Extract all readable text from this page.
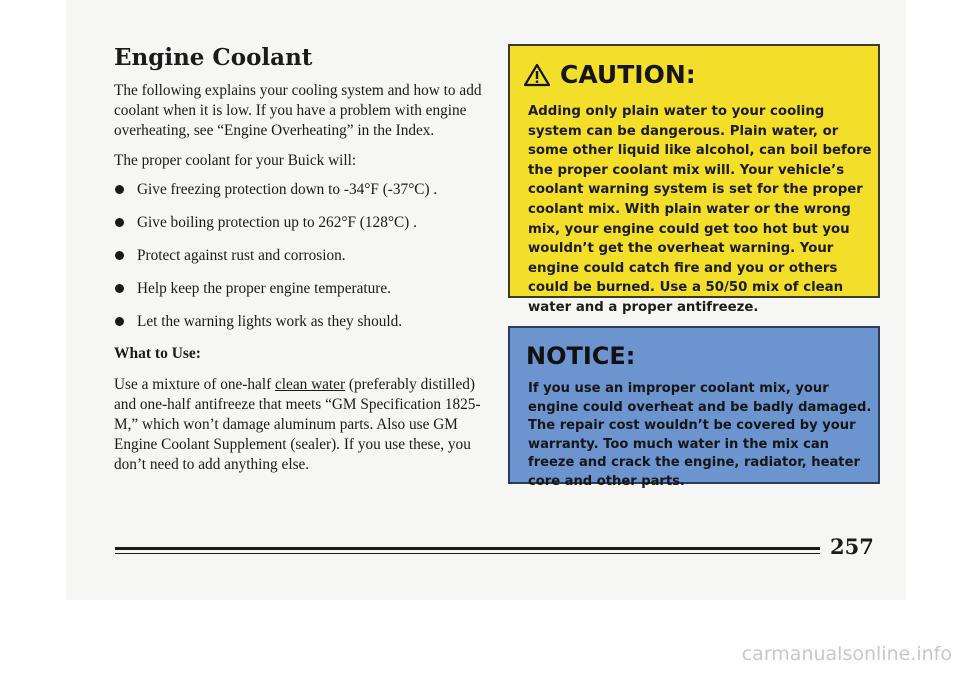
Engine Coolant

The following explains your cooling system and how to add coolant when it is low. If you have a problem with engine overheating, see “Engine Overheating” in the Index.

The proper coolant for your Buick will:

Give freezing protection down to -34°F (-37°C) .
Give boiling protection up to 262°F (128°C) .
Protect against rust and corrosion.
Help keep the proper engine temperature.
Let the warning lights work as they should.
What to Use:

Use a mixture of one-half clean water (preferably distilled) and one-half antifreeze that meets “GM Specification 1825-M,” which won’t damage aluminum parts. Also use GM Engine Coolant Supplement (sealer). If you use these, you don’t need to add anything else.

CAUTION:
Adding only plain water to your cooling system can be dangerous. Plain water, or some other liquid like alcohol, can boil before the proper coolant mix will. Your vehicle’s coolant warning system is set for the proper coolant mix. With plain water or the wrong mix, your engine could get too hot but you wouldn’t get the overheat warning. Your engine could catch fire and you or others could be burned. Use a 50/50 mix of clean water and a proper antifreeze.
NOTICE:
If you use an improper coolant mix, your engine could overheat and be badly damaged. The repair cost wouldn’t be covered by your warranty. Too much water in the mix can freeze and crack the engine, radiator, heater core and other parts.
257
carmanualsonline.info
